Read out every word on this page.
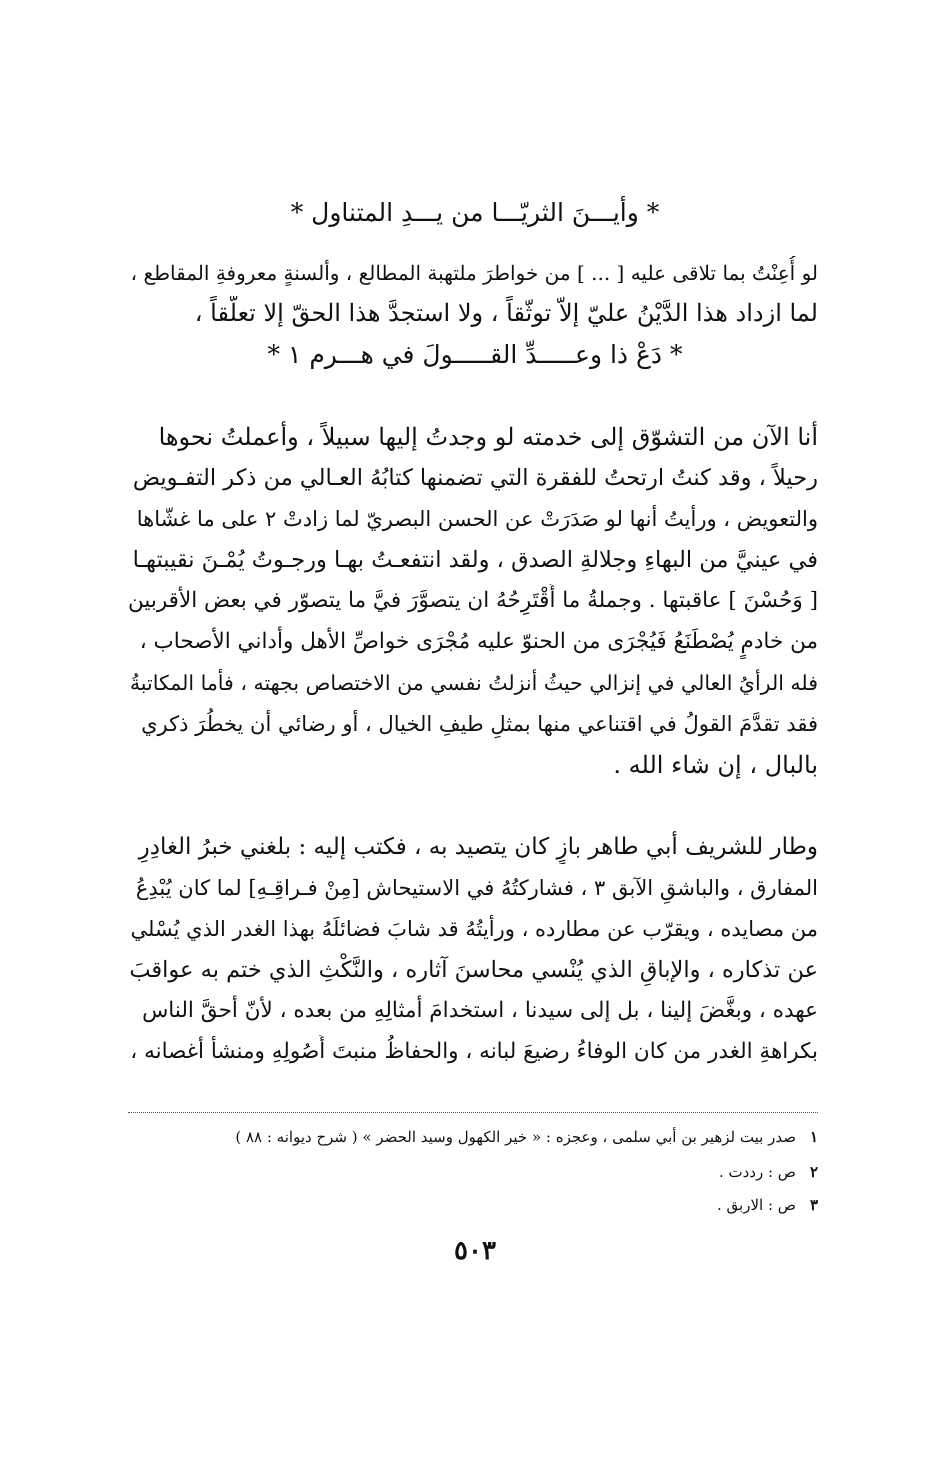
* وأيـــنَ الثريّـــا من يـــدِ المتناول *
لو أُعِنْتُ بما تلاقى عليه [ ... ] من خواطرَ ملتهبة المطالع ، وألسنةٍ معروفةِ المقاطع ،
لما ازداد هذا الدَّيْنُ عليّ إلاّ توثّقاً ، ولا استجدَّ هذا الحقّ إلا تعلُّقاً ،
* دَعْ ذا وعـــــدِّ القـــــولَ في هـــرم ١ *
أنا الآن من التشوّق إلى خدمته لو وجدتُ إليها سبيلاً ، وأعملتُ نحوها
رحيلاً ، وقد كنتُ ارتحتُ للفقرة التي تضمنها كتابُهُ العـالي من ذكر التفـويض
والتعويض ، ورأيتُ أنها لو صَدَرَتْ عن الحسن البصريّ لما زادتْ ٢ على ما غشّاها
في عينيَّ من البهاءِ وجلالةِ الصدق ، ولقد انتفعـتُ بهـا ورجـوتُ يُمْـنَ نقيبتهـا
[ وَحُسْنَ ] عاقبتها . وجملةُ ما أَقْتَرِحُهُ ان يتصوَّرَ فيَّ ما يتصوّر في بعض الأقربين
من خادمٍ يُصْطَنَعُ فَيُجْرَى من الحنوّ عليه مُجْرَى خواصِّ الأهل وأداني الأصحاب ،
فله الرأيُ العالي في إنزالي حيثُ أنزلتُ نفسي من الاختصاص بجهته ، فأما المكاتبةُ
فقد تقدَّمَ القولُ في اقتناعي منها بمثلِ طيفِ الخيال ، أو رضائي أن يخطُرَ ذكري
بالبال ، إن شاء الله .
وطار للشريف أبي طاهر بازٍ كان يتصيد به ، فكتب إليه : بلغني خبرُ الغادِرِ
المفارق ، والباشقِ الآبق ٣ ، فشاركتُهُ في الاستيحاش [مِنْ فـراقِـهِ] لما كان يُبْدِعُ
من مصايده ، ويقرّب عن مطارده ، ورأيتُهُ قد شابَ فضائلَهُ بهذا الغدر الذي يُسْلي
عن تذكاره ، والإباقِ الذي يُنْسي محاسنَ آثاره ، والنَّكْثِ الذي ختم به عواقبَ
عهده ، وبغَّضَ إلينا ، بل إلى سيدنا ، استخدامَ أمثالِهِ من بعده ، لأنّ أحقَّ الناس
بكراهةِ الغدر من كان الوفاءُ رضيعَ لبانه ، والحفاظُ منبتَ أُصُولِهِ ومنشأَ أغصانه ،
١صدر بيت لزهير بن أبي سلمى ، وعجزه : « خير الكهول وسيد الحضر » ( شرح ديوانه : ٨٨ )
٢ص : رددت .
٣ص : الاربق .
٥٠٣
